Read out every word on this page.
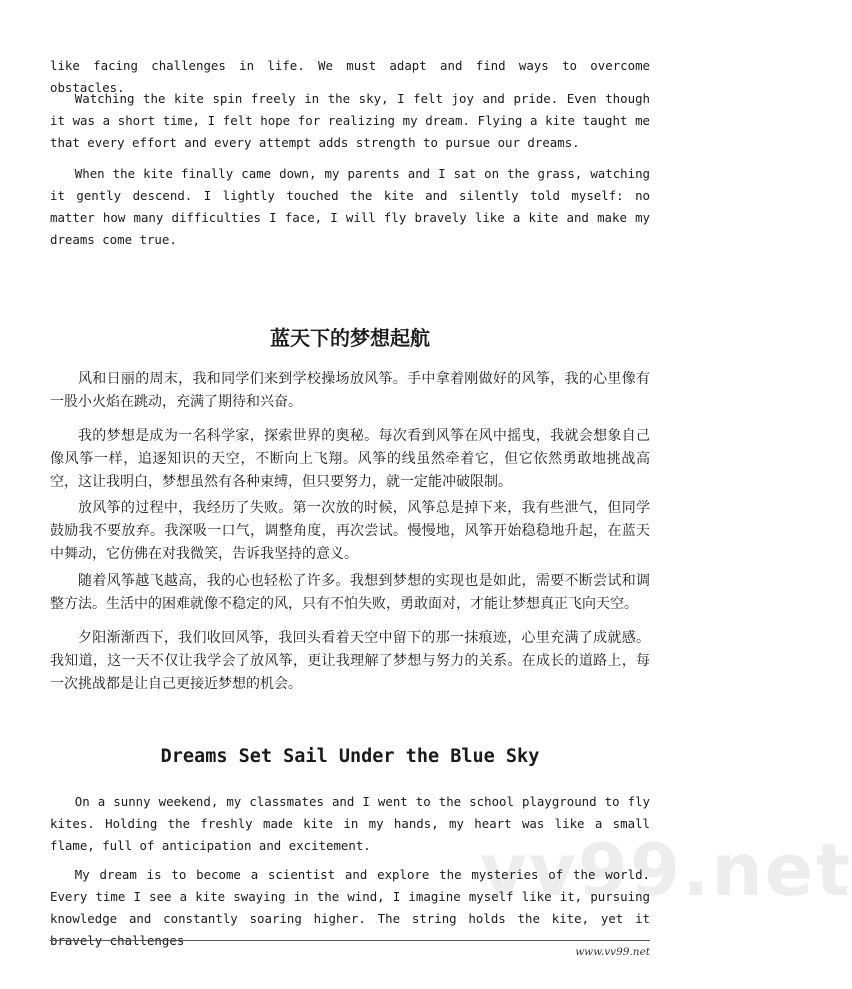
vv99.net

like facing challenges in life. We must adapt and find ways to overcome obstacles.

Watching the kite spin freely in the sky, I felt joy and pride. Even though it was a short time, I felt hope for realizing my dream. Flying a kite taught me that every effort and every attempt adds strength to pursue our dreams.

When the kite finally came down, my parents and I sat on the grass, watching it gently descend. I lightly touched the kite and silently told myself: no matter how many difficulties I face, I will fly bravely like a kite and make my dreams come true.

蓝天下的梦想起航

风和日丽的周末，我和同学们来到学校操场放风筝。手中拿着刚做好的风筝，我的心里像有一股小火焰在跳动，充满了期待和兴奋。

我的梦想是成为一名科学家，探索世界的奥秘。每次看到风筝在风中摇曳，我就会想象自己像风筝一样，追逐知识的天空，不断向上飞翔。风筝的线虽然牵着它，但它依然勇敢地挑战高空，这让我明白，梦想虽然有各种束缚，但只要努力，就一定能冲破限制。

放风筝的过程中，我经历了失败。第一次放的时候，风筝总是掉下来，我有些泄气，但同学鼓励我不要放弃。我深吸一口气，调整角度，再次尝试。慢慢地，风筝开始稳稳地升起，在蓝天中舞动，它仿佛在对我微笑，告诉我坚持的意义。

随着风筝越飞越高，我的心也轻松了许多。我想到梦想的实现也是如此，需要不断尝试和调整方法。生活中的困难就像不稳定的风，只有不怕失败，勇敢面对，才能让梦想真正飞向天空。

夕阳渐渐西下，我们收回风筝，我回头看着天空中留下的那一抹痕迹，心里充满了成就感。我知道，这一天不仅让我学会了放风筝，更让我理解了梦想与努力的关系。在成长的道路上，每一次挑战都是让自己更接近梦想的机会。

Dreams Set Sail Under the Blue Sky

On a sunny weekend, my classmates and I went to the school playground to fly kites. Holding the freshly made kite in my hands, my heart was like a small flame, full of anticipation and excitement.

My dream is to become a scientist and explore the mysteries of the world. Every time I see a kite swaying in the wind, I imagine myself like it, pursuing knowledge and constantly soaring higher. The string holds the kite, yet it bravely challenges

www.vv99.net
